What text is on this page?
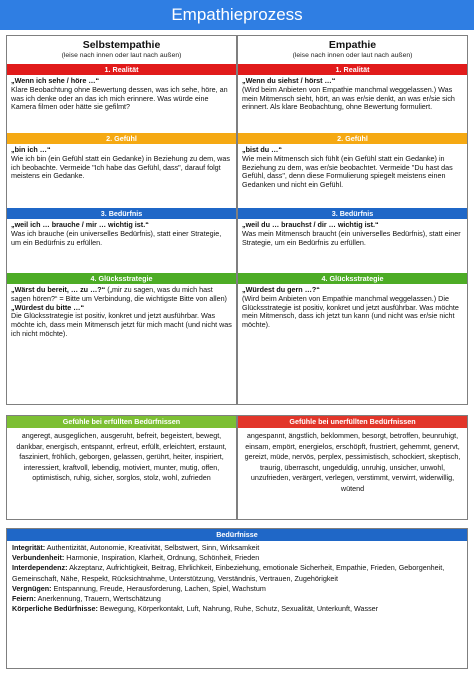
Empathieprozess
Selbstempathie
(leise nach innen oder laut nach außen)
1. Realität
„Wenn ich sehe / höre …“
Klare Beobachtung ohne Bewertung dessen, was ich sehe, höre, an was ich denke oder an das ich mich erinnere. Was würde eine Kamera filmen oder hätte sie gefilmt?
2. Gefühl
„bin ich …“
Wie ich bin (ein Gefühl statt ein Gedanke) in Beziehung zu dem, was ich beobachte. Vermeide "Ich habe das Gefühl, dass", darauf folgt meistens ein Gedanke.
3. Bedürfnis
„weil ich … brauche / mir … wichtig ist.“
Was ich brauche (ein universelles Bedürfnis), statt einer Strategie, um ein Bedürfnis zu erfüllen.
4. Glücksstrategie
„Wärst du bereit, … zu …?“ („mir zu sagen, was du mich hast sagen hören?“ = Bitte um Verbindung, die wichtigste Bitte von allen)
„Würdest du bitte …“
Die Glücksstrategie ist positiv, konkret und jetzt ausführbar. Was möchte ich, dass mein Mitmensch jetzt für mich macht (und nicht was ich nicht möchte).
Empathie
(leise nach innen oder laut nach außen)
1. Realität
„Wenn du siehst / hörst …“
(Wird beim Anbieten von Empathie manchmal weggelassen.) Was mein Mitmensch sieht, hört, an was er/sie denkt, an was er/sie sich erinnert. Als klare Beobachtung, ohne Bewertung formuliert.
2. Gefühl
„bist du …“
Wie mein Mitmensch sich fühlt (ein Gefühl statt ein Gedanke) in Beziehung zu dem, was er/sie beobachtet. Vermeide "Du hast das Gefühl, dass", denn diese Formulierung spiegelt meistens einen Gedanken und nicht ein Gefühl.
3. Bedürfnis
„weil du … brauchst / dir … wichtig ist.“
Was mein Mitmensch braucht (ein universelles Bedürfnis), statt einer Strategie, um ein Bedürfnis zu erfüllen.
4. Glücksstrategie
„Würdest du gern …?“
(Wird beim Anbieten von Empathie manchmal weggelassen.) Die Glücksstrategie ist positiv, konkret und jetzt ausführbar. Was möchte mein Mitmensch, dass ich jetzt tun kann (und nicht was er/sie nicht möchte).
Gefühle bei erfüllten Bedürfnissen
angeregt, ausgeglichen, ausgeruht, befreit, begeistert, bewegt, dankbar, energisch, entspannt, erfreut, erfüllt, erleichtert, erstaunt, fasziniert, fröhlich, geborgen, gelassen, gerührt, heiter, inspiriert, interessiert, kraftvoll, lebendig, motiviert, munter, mutig, offen, optimistisch, ruhig, sicher, sorglos, stolz, wohl, zufrieden
Gefühle bei unerfüllten Bedürfnissen
angespannt, ängstlich, beklommen, besorgt, betroffen, beunruhigt, einsam, empört, energielos, erschöpft, frustriert, gehemmt, genervt, gereizt, müde, nervös, perplex, pessimistisch, schockiert, skeptisch, traurig, überrascht, ungeduldig, unruhig, unsicher, unwohl, unzufrieden, verärgert, verlegen, verstimmt, verwirrt, widerwillig, wütend
Bedürfnisse
Integrität: Authentizität, Autonomie, Kreativität, Selbstwert, Sinn, Wirksamkeit
Verbundenheit: Harmonie, Inspiration, Klarheit, Ordnung, Schönheit, Frieden
Interdependenz: Akzeptanz, Aufrichtigkeit, Beitrag, Ehrlichkeit, Einbeziehung, emotionale Sicherheit, Empathie, Frieden, Geborgenheit, Gemeinschaft, Nähe, Respekt, Rücksichtnahme, Unterstützung, Verständnis, Vertrauen, Zugehörigkeit
Vergnügen: Entspannung, Freude, Herausforderung, Lachen, Spiel, Wachstum
Feiern: Anerkennung, Trauern, Wertschätzung
Körperliche Bedürfnisse: Bewegung, Körperkontakt, Luft, Nahrung, Ruhe, Schutz, Sexualität, Unterkunft, Wasser
